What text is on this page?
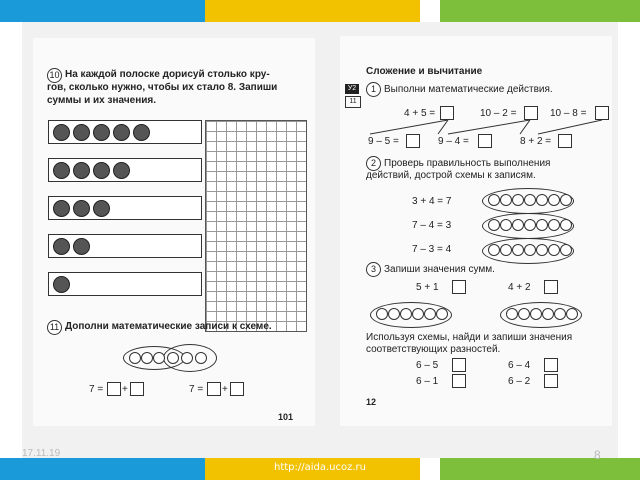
10 На каждой полоске дорисуй столько кру-
гов, сколько нужно, чтобы их стало 8. Запиши
суммы и их значения.
11 Дополни математические записи к схеме.
7 = +	7 = +
101
Сложение и вычитание
У2
11
1 Выполни математические действия.
4 + 5 =	10 – 2 =	10 – 8 =
9 – 5 =	9 – 4 =	8 + 2 =
2 Проверь правильность выполнения
действий, дострой схемы к записям.
3 + 4 = 7
7 – 4 = 3
7 – 3 = 4
3 Запиши значения сумм.
5 + 1	4 + 2
Используя схемы, найди и запиши значения
соответствующих разностей.
6 – 5	6 – 4
6 – 1	6 – 2
12
17.11.19	8
http://aida.ucoz.ru
